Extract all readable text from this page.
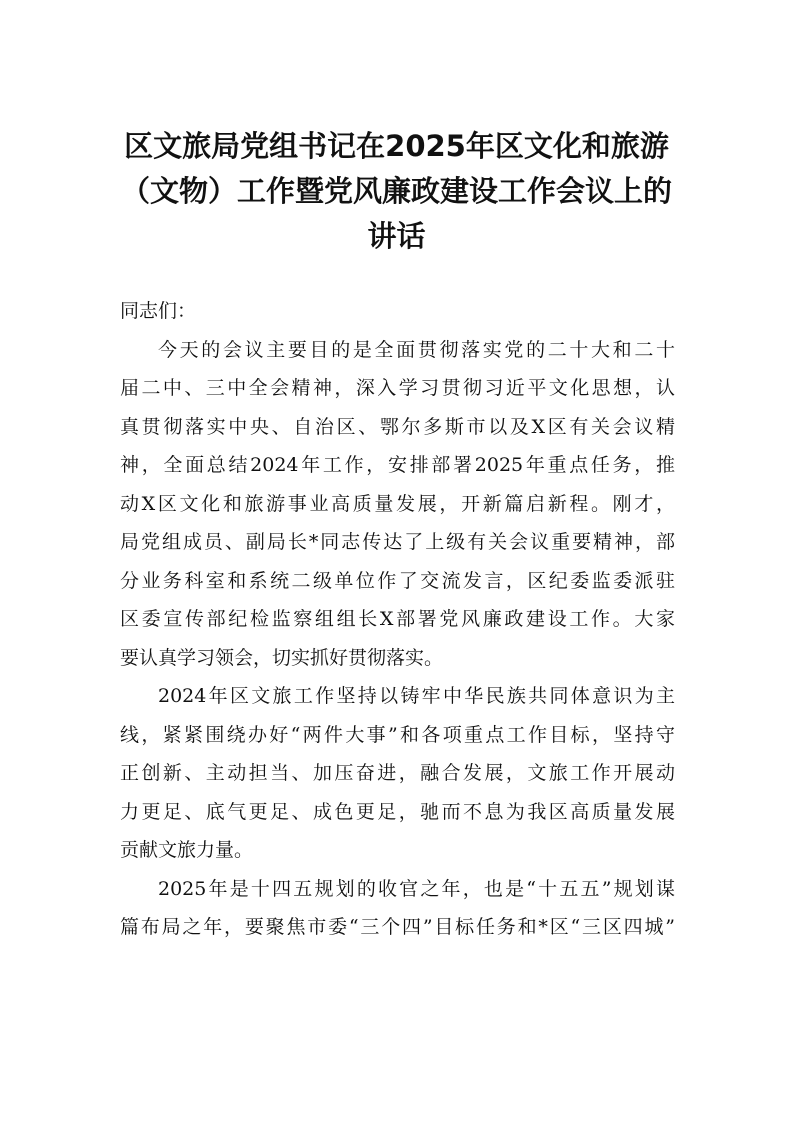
区文旅局党组书记在2025年区文化和旅游
（文物）工作暨党风廉政建设工作会议上的
讲话

同志们：

今天的会议主要目的是全面贯彻落实党的二十大和二十
届二中、三中全会精神，深入学习贯彻习近平文化思想，认
真贯彻落实中央、自治区、鄂尔多斯市以及X区有关会议精
神，全面总结2024年工作，安排部署2025年重点任务，推
动X区文化和旅游事业高质量发展，开新篇启新程。刚才，
局党组成员、副局长*同志传达了上级有关会议重要精神，部
分业务科室和系统二级单位作了交流发言，区纪委监委派驻
区委宣传部纪检监察组组长X部署党风廉政建设工作。大家
要认真学习领会，切实抓好贯彻落实。

2024年区文旅工作坚持以铸牢中华民族共同体意识为主
线，紧紧围绕办好“两件大事”和各项重点工作目标，坚持守
正创新、主动担当、加压奋进，融合发展，文旅工作开展动
力更足、底气更足、成色更足，驰而不息为我区高质量发展
贡献文旅力量。

2025年是十四五规划的收官之年，也是“十五五”规划谋
篇布局之年，要聚焦市委“三个四”目标任务和*区“三区四城”
